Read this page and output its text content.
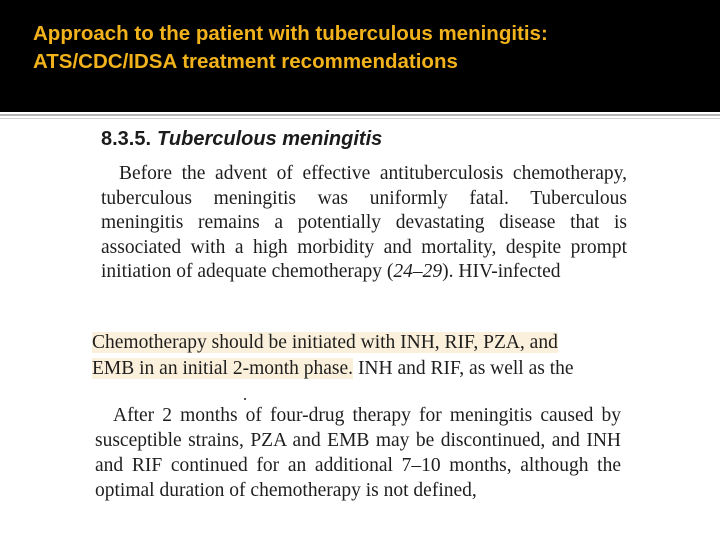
Approach to the patient with tuberculous meningitis:
ATS/CDC/IDSA treatment recommendations
8.3.5. Tuberculous meningitis

Before the advent of effective antituberculosis chemotherapy, tuberculous meningitis was uniformly fatal. Tuberculous meningitis remains a potentially devastating disease that is associated with a high morbidity and mortality, despite prompt initiation of adequate chemotherapy (24–29). HIV-infected

Chemotherapy should be initiated with INH, RIF, PZA, and
EMB in an initial 2-month phase. INH and RIF, as well as the

After 2 months of four-drug therapy for meningitis caused by susceptible strains, PZA and EMB may be discontinued, and INH and RIF continued for an additional 7–10 months, although the optimal duration of chemotherapy is not defined,
